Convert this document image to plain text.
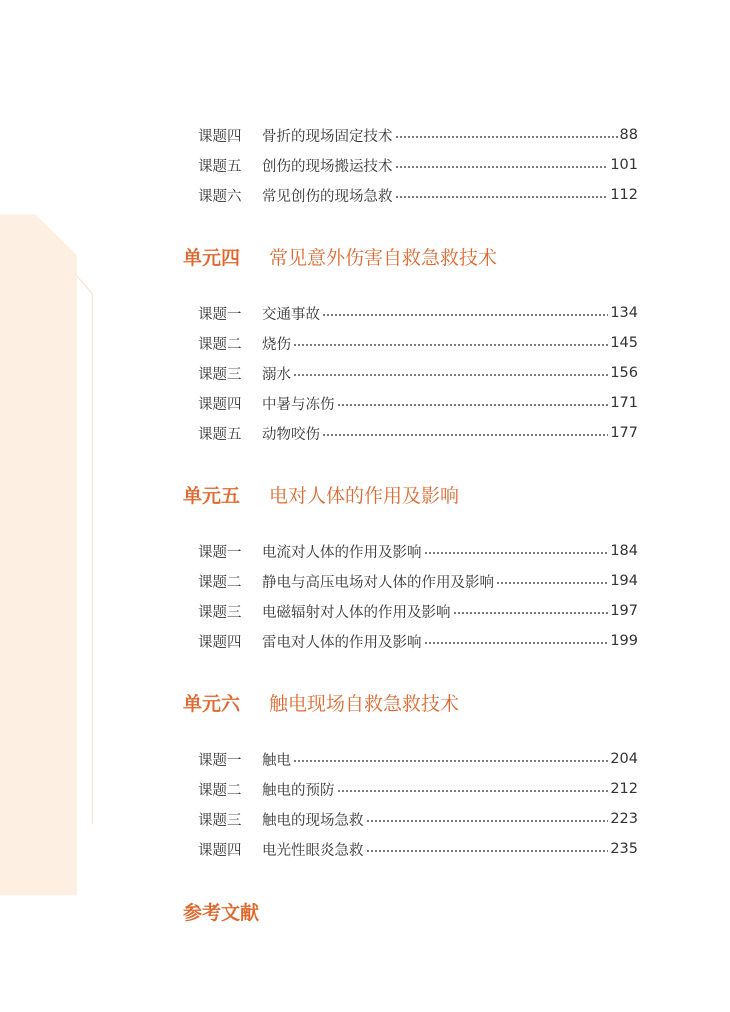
课题四	骨折的现场固定技术	88
课题五	创伤的现场搬运技术	101
课题六	常见创伤的现场急救	112
单元四	常见意外伤害自救急救技术
课题一	交通事故	134
课题二	烧伤	145
课题三	溺水	156
课题四	中暑与冻伤	171
课题五	动物咬伤	177
单元五	电对人体的作用及影响
课题一	电流对人体的作用及影响	184
课题二	静电与高压电场对人体的作用及影响	194
课题三	电磁辐射对人体的作用及影响	197
课题四	雷电对人体的作用及影响	199
单元六	触电现场自救急救技术
课题一	触电	204
课题二	触电的预防	212
课题三	触电的现场急救	223
课题四	电光性眼炎急救	235
参考文献
